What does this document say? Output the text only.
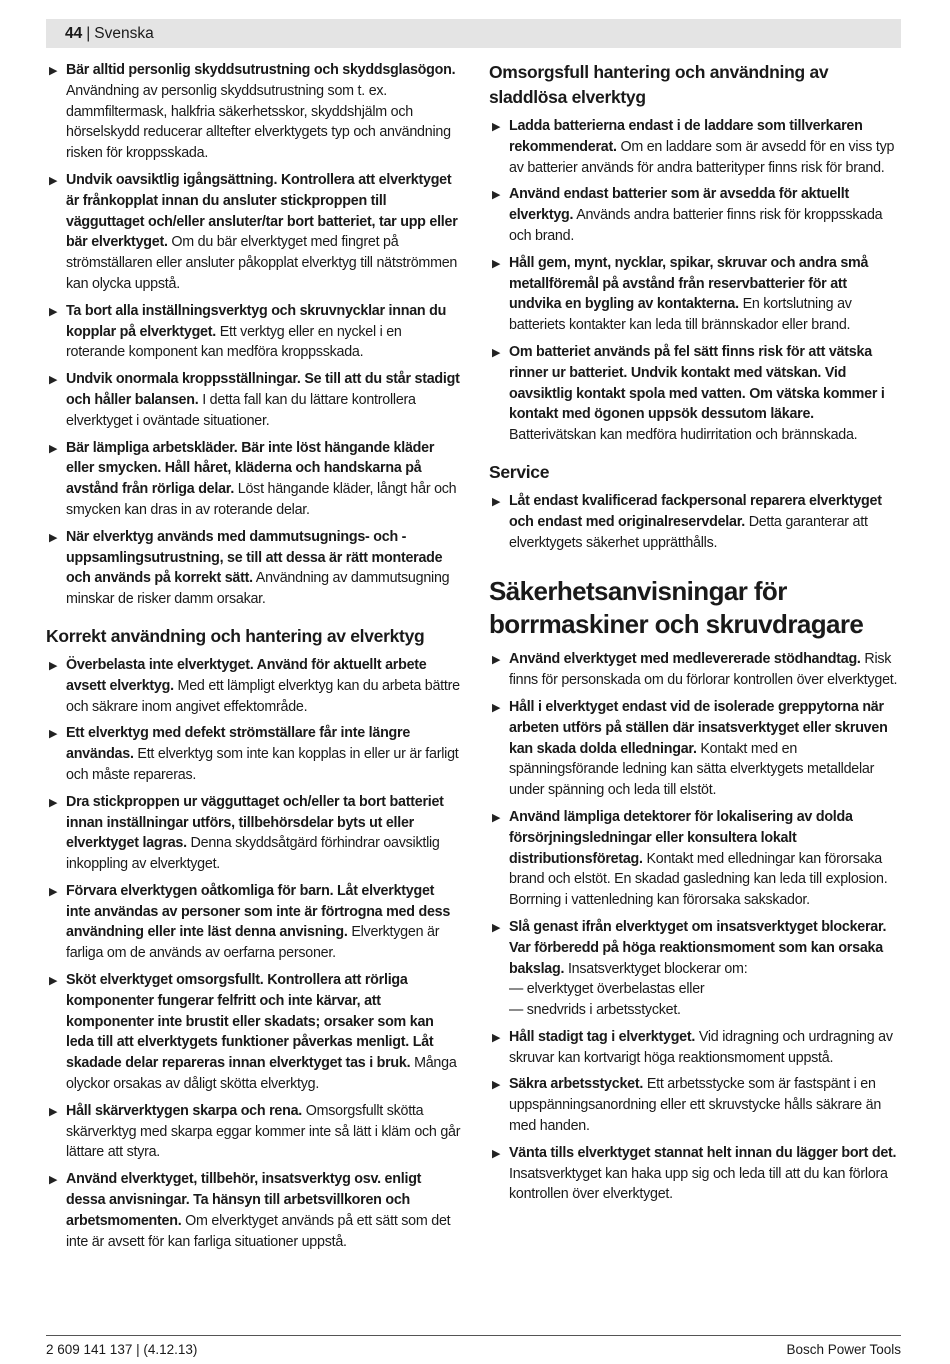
44 | Svenska
▶ Bär alltid personlig skyddsutrustning och skyddsglasögon. Användning av personlig skyddsutrustning som t. ex. dammfiltermask, halkfria säkerhetsskor, skyddshjälm och hörselskydd reducerar alltefter elverktygets typ och användning risken för kroppsskada.
▶ Undvik oavsiktlig igångsättning. Kontrollera att elverktyget är frånkopplat innan du ansluter stickproppen till vägguttaget och/eller ansluter/tar bort batteriet, tar upp eller bär elverktyget. Om du bär elverktyget med fingret på strömställaren eller ansluter påkopplat elverktyg till nätströmmen kan olycka uppstå.
▶ Ta bort alla inställningsverktyg och skruvnycklar innan du kopplar på elverktyget. Ett verktyg eller en nyckel i en roterande komponent kan medföra kroppsskada.
▶ Undvik onormala kroppsställningar. Se till att du står stadigt och håller balansen. I detta fall kan du lättare kontrollera elverktyget i oväntade situationer.
▶ Bär lämpliga arbetskläder. Bär inte löst hängande kläder eller smycken. Håll håret, kläderna och handskarna på avstånd från rörliga delar. Löst hängande kläder, långt hår och smycken kan dras in av roterande delar.
▶ När elverktyg används med dammutsugnings- och -uppsamlingsutrustning, se till att dessa är rätt monterade och används på korrekt sätt. Användning av dammutsugning minskar de risker damm orsakar.
Korrekt användning och hantering av elverktyg
▶ Överbelasta inte elverktyget. Använd för aktuellt arbete avsett elverktyg. Med ett lämpligt elverktyg kan du arbeta bättre och säkrare inom angivet effektområde.
▶ Ett elverktyg med defekt strömställare får inte längre användas. Ett elverktyg som inte kan kopplas in eller ur är farligt och måste repareras.
▶ Dra stickproppen ur vägguttaget och/eller ta bort batteriet innan inställningar utförs, tillbehörsdelar byts ut eller elverktyget lagras. Denna skyddsåtgärd förhindrar oavsiktlig inkoppling av elverktyget.
▶ Förvara elverktygen oåtkomliga för barn. Låt elverktyget inte användas av personer som inte är förtrogna med dess användning eller inte läst denna anvisning. Elverktygen är farliga om de används av oerfarna personer.
▶ Sköt elverktyget omsorgsfullt. Kontrollera att rörliga komponenter fungerar felfritt och inte kärvar, att komponenter inte brustit eller skadats; orsaker som kan leda till att elverktygets funktioner påverkas menligt. Låt skadade delar repareras innan elverktyget tas i bruk. Många olyckor orsakas av dåligt skötta elverktyg.
▶ Håll skärverktygen skarpa och rena. Omsorgsfullt skötta skärverktyg med skarpa eggar kommer inte så lätt i kläm och går lättare att styra.
▶ Använd elverktyget, tillbehör, insatsverktyg osv. enligt dessa anvisningar. Ta hänsyn till arbetsvillkoren och arbetsmomenten. Om elverktyget används på ett sätt som det inte är avsett för kan farliga situationer uppstå.
Omsorgsfull hantering och användning av sladdlösa elverktyg
▶ Ladda batterierna endast i de laddare som tillverkaren rekommenderat. Om en laddare som är avsedd för en viss typ av batterier används för andra batterityper finns risk för brand.
▶ Använd endast batterier som är avsedda för aktuellt elverktyg. Används andra batterier finns risk för kroppsskada och brand.
▶ Håll gem, mynt, nycklar, spikar, skruvar och andra små metallföremål på avstånd från reservbatterier för att undvika en bygling av kontakterna. En kortslutning av batteriets kontakter kan leda till brännskador eller brand.
▶ Om batteriet används på fel sätt finns risk för att vätska rinner ur batteriet. Undvik kontakt med vätskan. Vid oavsiktlig kontakt spola med vatten. Om vätska kommer i kontakt med ögonen uppsök dessutom läkare. Batterivätskan kan medföra hudirritation och brännskada.
Service
▶ Låt endast kvalificerad fackpersonal reparera elverktyget och endast med originalreservdelar. Detta garanterar att elverktygets säkerhet upprätthålls.
Säkerhetsanvisningar för borrmaskiner och skruvdragare
▶ Använd elverktyget med medlevererade stödhandtag. Risk finns för personskada om du förlorar kontrollen över elverktyget.
▶ Håll i elverktyget endast vid de isolerade greppytorna när arbeten utförs på ställen där insatsverktyget eller skruven kan skada dolda elledningar. Kontakt med en spänningsförande ledning kan sätta elverktygets metalldelar under spänning och leda till elstöt.
▶ Använd lämpliga detektorer för lokalisering av dolda försörjningsledningar eller konsultera lokalt distributionsföretag. Kontakt med elledningar kan förorsaka brand och elstöt. En skadad gasledning kan leda till explosion. Borrning i vattenledning kan förorsaka sakskador.
▶ Slå genast ifrån elverktyget om insatsverktyget blockerar. Var förberedd på höga reaktionsmoment som kan orsaka bakslag. Insatsverktyget blockerar om:
— elverktyget överbelastas eller
— snedvrids i arbetsstycket.
▶ Håll stadigt tag i elverktyget. Vid idragning och urdragning av skruvar kan kortvarigt höga reaktionsmoment uppstå.
▶ Säkra arbetsstycket. Ett arbetsstycke som är fastspänt i en uppspänningsanordning eller ett skruvstycke hålls säkrare än med handen.
▶ Vänta tills elverktyget stannat helt innan du lägger bort det. Insatsverktyget kan haka upp sig och leda till att du kan förlora kontrollen över elverktyget.
2 609 141 137 | (4.12.13)	Bosch Power Tools
